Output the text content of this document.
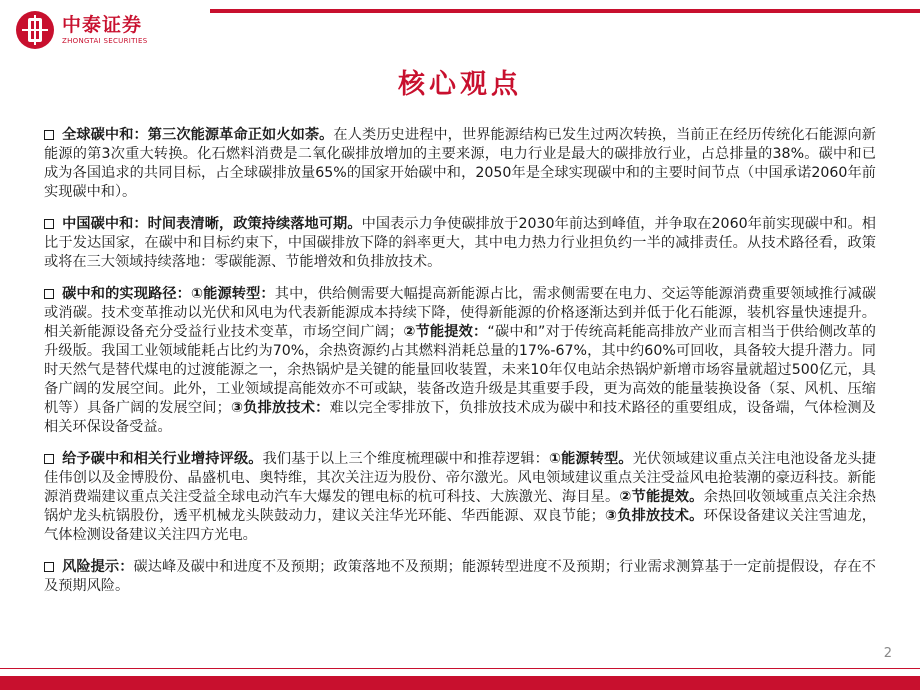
中泰证券
ZHONGTAI SECURITIES
核心观点

全球碳中和：第三次能源革命正如火如荼。在人类历史进程中，世界能源结构已发生过两次转换，当前正在经历传统化石能源向新能源的第3次重大转换。化石燃料消费是二氧化碳排放增加的主要来源，电力行业是最大的碳排放行业，占总排量的38%。碳中和已成为各国追求的共同目标，占全球碳排放量65%的国家开始碳中和，2050年是全球实现碳中和的主要时间节点（中国承诺2060年前实现碳中和）。

中国碳中和：时间表清晰，政策持续落地可期。中国表示力争使碳排放于2030年前达到峰值，并争取在2060年前实现碳中和。相比于发达国家，在碳中和目标约束下，中国碳排放下降的斜率更大，其中电力热力行业担负约一半的减排责任。从技术路径看，政策或将在三大领域持续落地：零碳能源、节能增效和负排放技术。

碳中和的实现路径：①能源转型：其中，供给侧需要大幅提高新能源占比，需求侧需要在电力、交运等能源消费重要领域推行减碳或消碳。技术变革推动以光伏和风电为代表新能源成本持续下降，使得新能源的价格逐渐达到并低于化石能源，装机容量快速提升。相关新能源设备充分受益行业技术变革，市场空间广阔；②节能提效：“碳中和”对于传统高耗能高排放产业而言相当于供给侧改革的升级版。我国工业领域能耗占比约为70%，余热资源约占其燃料消耗总量的17%-67%，其中约60%可回收，具备较大提升潜力。同时天然气是替代煤电的过渡能源之一，余热锅炉是关键的能量回收装置，未来10年仅电站余热锅炉新增市场容量就超过500亿元，具备广阔的发展空间。此外，工业领域提高能效亦不可或缺，装备改造升级是其重要手段，更为高效的能量装换设备（泵、风机、压缩机等）具备广阔的发展空间；③负排放技术：难以完全零排放下，负排放技术成为碳中和技术路径的重要组成，设备端，气体检测及相关环保设备受益。

给予碳中和相关行业增持评级。我们基于以上三个维度梳理碳中和推荐逻辑：①能源转型。光伏领域建议重点关注电池设备龙头捷佳伟创以及金博股份、晶盛机电、奥特维，其次关注迈为股份、帝尔激光。风电领域建议重点关注受益风电抢装潮的豪迈科技。新能源消费端建议重点关注受益全球电动汽车大爆发的锂电标的杭可科技、大族激光、海目星。②节能提效。余热回收领域重点关注余热锅炉龙头杭锅股份，透平机械龙头陕鼓动力，建议关注华光环能、华西能源、双良节能；③负排放技术。环保设备建议关注雪迪龙，气体检测设备建议关注四方光电。

风险提示：碳达峰及碳中和进度不及预期；政策落地不及预期；能源转型进度不及预期；行业需求测算基于一定前提假设，存在不及预期风险。

2
